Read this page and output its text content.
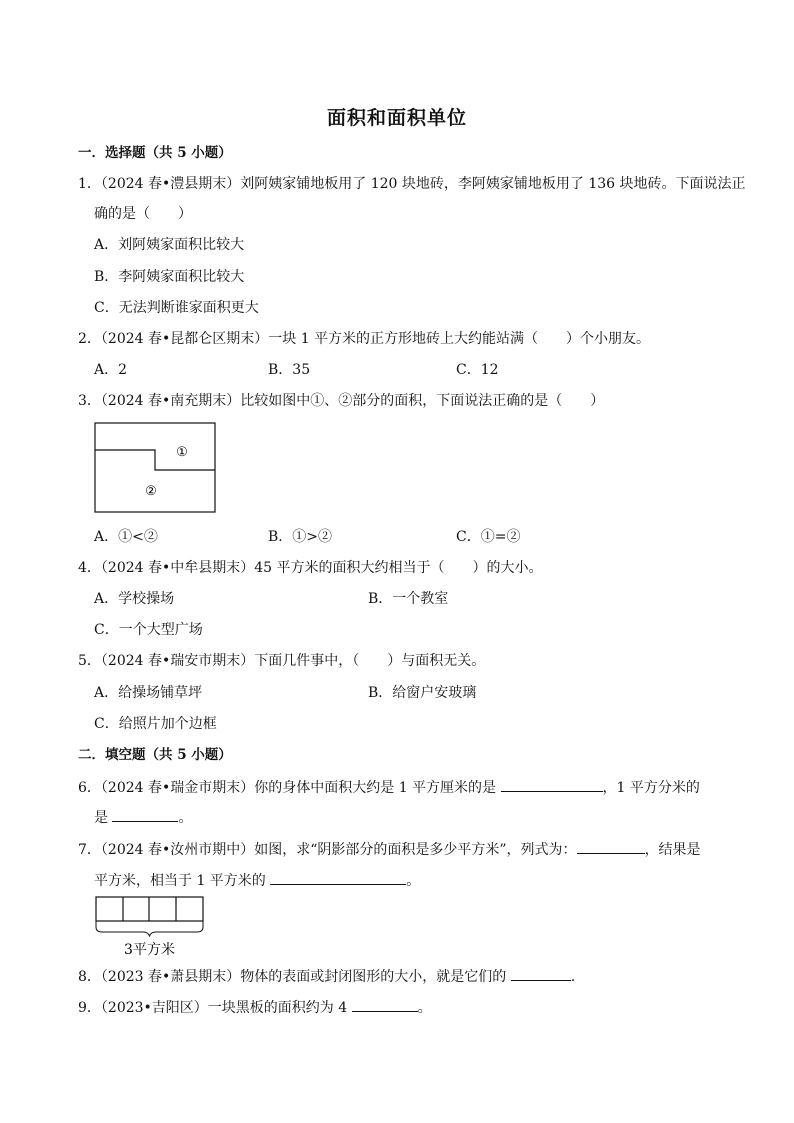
面积和面积单位
一．选择题（共 5 小题）
1．（2024 春•澧县期末）刘阿姨家铺地板用了 120 块地砖，李阿姨家铺地板用了 136 块地砖。下面说法正
确的是（　　）
A．刘阿姨家面积比较大
B．李阿姨家面积比较大
C．无法判断谁家面积更大
2．（2024 春•昆都仑区期末）一块 1 平方米的正方形地砖上大约能站满（　　）个小朋友。
A．2	B．35	C．12
3．（2024 春•南充期末）比较如图中①、②部分的面积，下面说法正确的是（　　）
①
②
A．①<②	B．①>②	C．①=②
4．（2024 春•中牟县期末）45 平方米的面积大约相当于（　　）的大小。
A．学校操场	B．一个教室
C．一个大型广场
5．（2024 春•瑞安市期末）下面几件事中，（　　）与面积无关。
A．给操场铺草坪	B．给窗户安玻璃
C．给照片加个边框
二．填空题（共 5 小题）
6．（2024 春•瑞金市期末）你的身体中面积大约是 1 平方厘米的是	，1 平方分米的
是	。
7．（2024 春•汝州市期中）如图，求“阴影部分的面积是多少平方米”，列式为：	，结果是
平方米，相当于 1 平方米的	。
3平方米
8．（2023 春•萧县期末）物体的表面或封闭图形的大小，就是它们的	.
9．（2023•吉阳区）一块黑板的面积约为 4	。
